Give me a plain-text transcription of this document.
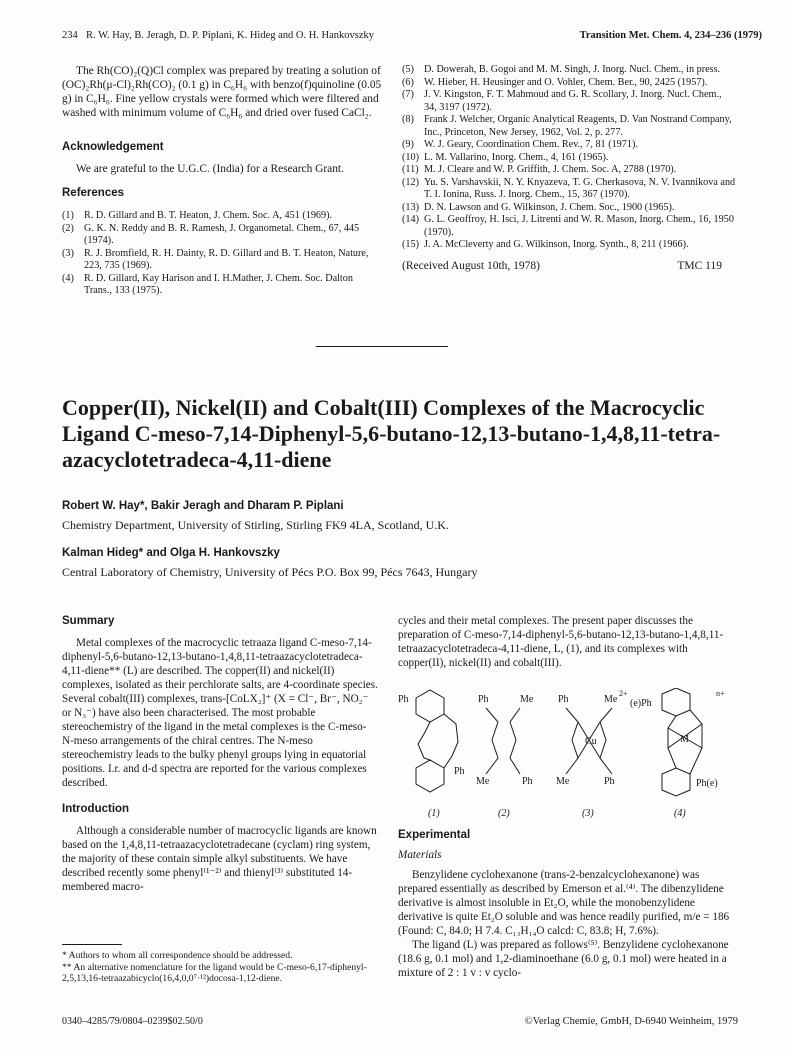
234 R. W. Hay, B. Jeragh, D. P. Piplani, K. Hideg and O. H. Hankovszky	Transition Met. Chem. 4, 234–236 (1979)
The Rh(CO)₂(Q)Cl complex was prepared by treating a solution of (OC)₂Rh(μ-Cl)₂Rh(CO)₂ (0.1 g) in C₆H₆ with benzo(f)quinoline (0.05 g) in C₆H₆. Fine yellow crystals were formed which were filtered and washed with minimum volume of C₆H₆ and dried over fused CaCl₂.
Acknowledgement
We are grateful to the U.G.C. (India) for a Research Grant.
References
(1) R. D. Gillard and B. T. Heaton, J. Chem. Soc. A, 451 (1969).
(2) G. K. N. Reddy and B. R. Ramesh, J. Organometal. Chem., 67, 445 (1974).
(3) R. J. Bromfield, R. H. Dainty, R. D. Gillard and B. T. Heaton, Nature, 223, 735 (1969).
(4) R. D. Gillard, Kay Harison and I. H.Mather, J. Chem. Soc. Dalton Trans., 133 (1975).
(5) D. Dowerah, B. Gogoi and M. M. Singh, J. Inorg. Nucl. Chem., in press.
(6) W. Hieber, H. Heusinger and O. Vohler, Chem. Ber., 90, 2425 (1957).
(7) J. V. Kingston, F. T. Mahmoud and G. R. Scollary, J. Inorg. Nucl. Chem., 34, 3197 (1972).
(8) Frank J. Welcher, Organic Analytical Reagents, D. Van Nostrand Company, Inc., Princeton, New Jersey, 1962, Vol. 2, p. 277.
(9) W. J. Geary, Coordination Chem. Rev., 7, 81 (1971).
(10) L. M. Vallarino, Inorg. Chem., 4, 161 (1965).
(11) M. J. Cleare and W. P. Griffith, J. Chem. Soc. A, 2788 (1970).
(12) Yu. S. Varshavskii, N. Y. Knyazeva, T. G. Cherkasova, N. V. Ivannikova and T. I. Ionina, Russ. J. Inorg. Chem., 15, 367 (1970).
(13) D. N. Lawson and G. Wilkinson, J. Chem. Soc., 1900 (1965).
(14) G. L. Geoffroy, H. Isci, J. Litrenti and W. R. Mason, Inorg. Chem., 16, 1950 (1970).
(15) J. A. McCleverty and G. Wilkinson, Inorg. Synth., 8, 211 (1966).
(Received August 10th, 1978)	TMC 119
Copper(II), Nickel(II) and Cobalt(III) Complexes of the Macrocyclic Ligand C-meso-7,14-Diphenyl-5,6-butano-12,13-butano-1,4,8,11-tetra-azacyclotetradeca-4,11-diene
Robert W. Hay*, Bakir Jeragh and Dharam P. Piplani
Chemistry Department, University of Stirling, Stirling FK9 4LA, Scotland, U.K.
Kalman Hideg* and Olga H. Hankovszky
Central Laboratory of Chemistry, University of Pécs P.O. Box 99, Pécs 7643, Hungary
Summary
Metal complexes of the macrocyclic tetraaza ligand C-meso-7,14-diphenyl-5,6-butano-12,13-butano-1,4,8,11-tetraazacyclotetradeca-4,11-diene** (L) are described. The copper(II) and nickel(II) complexes, isolated as their perchlorate salts, are 4-coordinate species. Several cobalt(III) complexes, trans-[CoLX₂]⁺ (X = Cl⁻, Br⁻, NO₂⁻ or N₃⁻) have also been characterised. The most probable stereochemistry of the ligand in the metal complexes is the C-meso-N-meso arrangements of the chiral centres. The N-meso stereochemistry leads to the bulky phenyl groups lying in equatorial positions. I.r. and d-d spectra are reported for the various complexes described.
Introduction
Although a considerable number of macrocyclic ligands are known based on the 1,4,8,11-tetraazacyclotetradecane (cyclam) ring system, the majority of these contain simple alkyl substituents. We have described recently some phenyl⁽¹⁻²⁾ and thienyl⁽³⁾ substituted 14-membered macro-
* Authors to whom all correspondence should be addressed.
** An alternative nomenclature for the ligand would be C-meso-6,17-diphenyl-2,5,13,16-tetraazabicyclo(16,4,0,0⁷·¹²)docosa-1,12-diene.
cycles and their metal complexes. The present paper discusses the preparation of C-meso-7,14-diphenyl-5,6-butano-12,13-butano-1,4,8,11-tetraazacyclotetradeca-4,11-diene, L, (1), and its complexes with copper(II), nickel(II) and cobalt(III).
Ph
Ph
(1)
Ph	Me
Me	Ph
(2)
Ph	Me
2+
Cu
Me	Ph
(3)
(e)Ph
n+
M
Ph(e)
(4)
Experimental
Materials
Benzylidene cyclohexanone (trans-2-benzalcyclohexanone) was prepared essentially as described by Emerson et al.⁽⁴⁾. The dibenzylidene derivative is almost insoluble in Et₂O, while the monobenzylidene derivative is quite Et₂O soluble and was hence readily purified, m/e = 186 (Found: C, 84.0; H 7.4. C₁₃H₁₄O calcd: C, 83.8; H, 7.6%).
The ligand (L) was prepared as follows⁽⁵⁾. Benzylidene cyclohexanone (18.6 g, 0.1 mol) and 1,2-diaminoethane (6.0 g, 0.1 mol) were heated in a mixture of 2 : 1 v : v cyclo-
0340–4285/79/0804–0239$02.50/0	©Verlag Chemie, GmbH, D-6940 Weinheim, 1979
